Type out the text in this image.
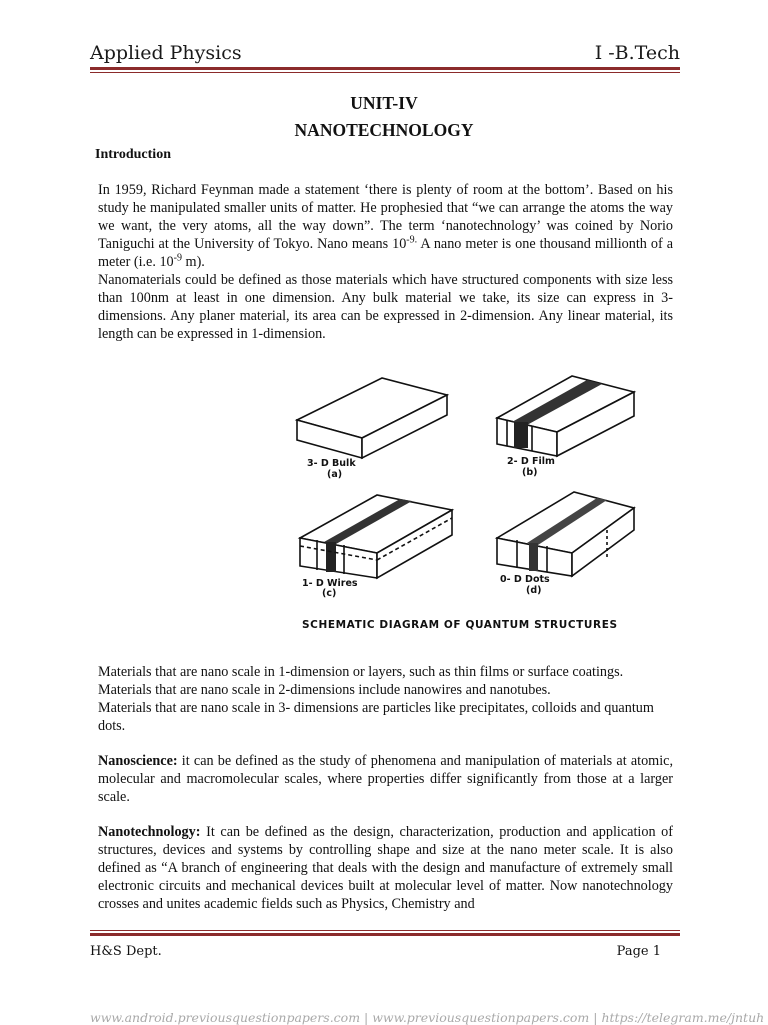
Applied Physics	I -B.Tech
UNIT-IV
NANOTECHNOLOGY
Introduction
In 1959, Richard Feynman made a statement ‘there is plenty of room at the bottom’. Based on his study he manipulated smaller units of matter. He prophesied that “we can arrange the atoms the way we want, the very atoms, all the way down”. The term ‘nanotechnology’ was coined by Norio Taniguchi at the University of Tokyo. Nano means $10^{-9.}$ A nano meter is one thousand millionth of a meter (i.e. $10^{-9}$ m).
Nanomaterials could be defined as those materials which have structured components with size less than 100nm at least in one dimension. Any bulk material we take, its size can express in 3-dimensions. Any planer material, its area can be expressed in 2-dimension. Any linear material, its length can be expressed in 1-dimension.
3- D Bulk
(a)
2- D Film
(b)
1- D Wires
(c)
0- D Dots
(d)
SCHEMATIC DIAGRAM OF QUANTUM STRUCTURES
Materials that are nano scale in 1-dimension or layers, such as thin films or surface coatings.
Materials that are nano scale in 2-dimensions include nanowires and nanotubes.
Materials that are nano scale in 3- dimensions are particles like precipitates, colloids and quantum dots.
Nanoscience: it can be defined as the study of phenomena and manipulation of materials at atomic, molecular and macromolecular scales, where properties differ significantly from those at a larger scale.
Nanotechnology: It can be defined as the design, characterization, production and application of structures, devices and systems by controlling shape and size at the nano meter scale. It is also defined as “A branch of engineering that deals with the design and manufacture of extremely small electronic circuits and mechanical devices built at molecular level of matter. Now nanotechnology crosses and unites academic fields such as Physics, Chemistry and
H&S Dept.	Page 1
www.android.previousquestionpapers.com | www.previousquestionpapers.com | https://telegram.me/jntuh
